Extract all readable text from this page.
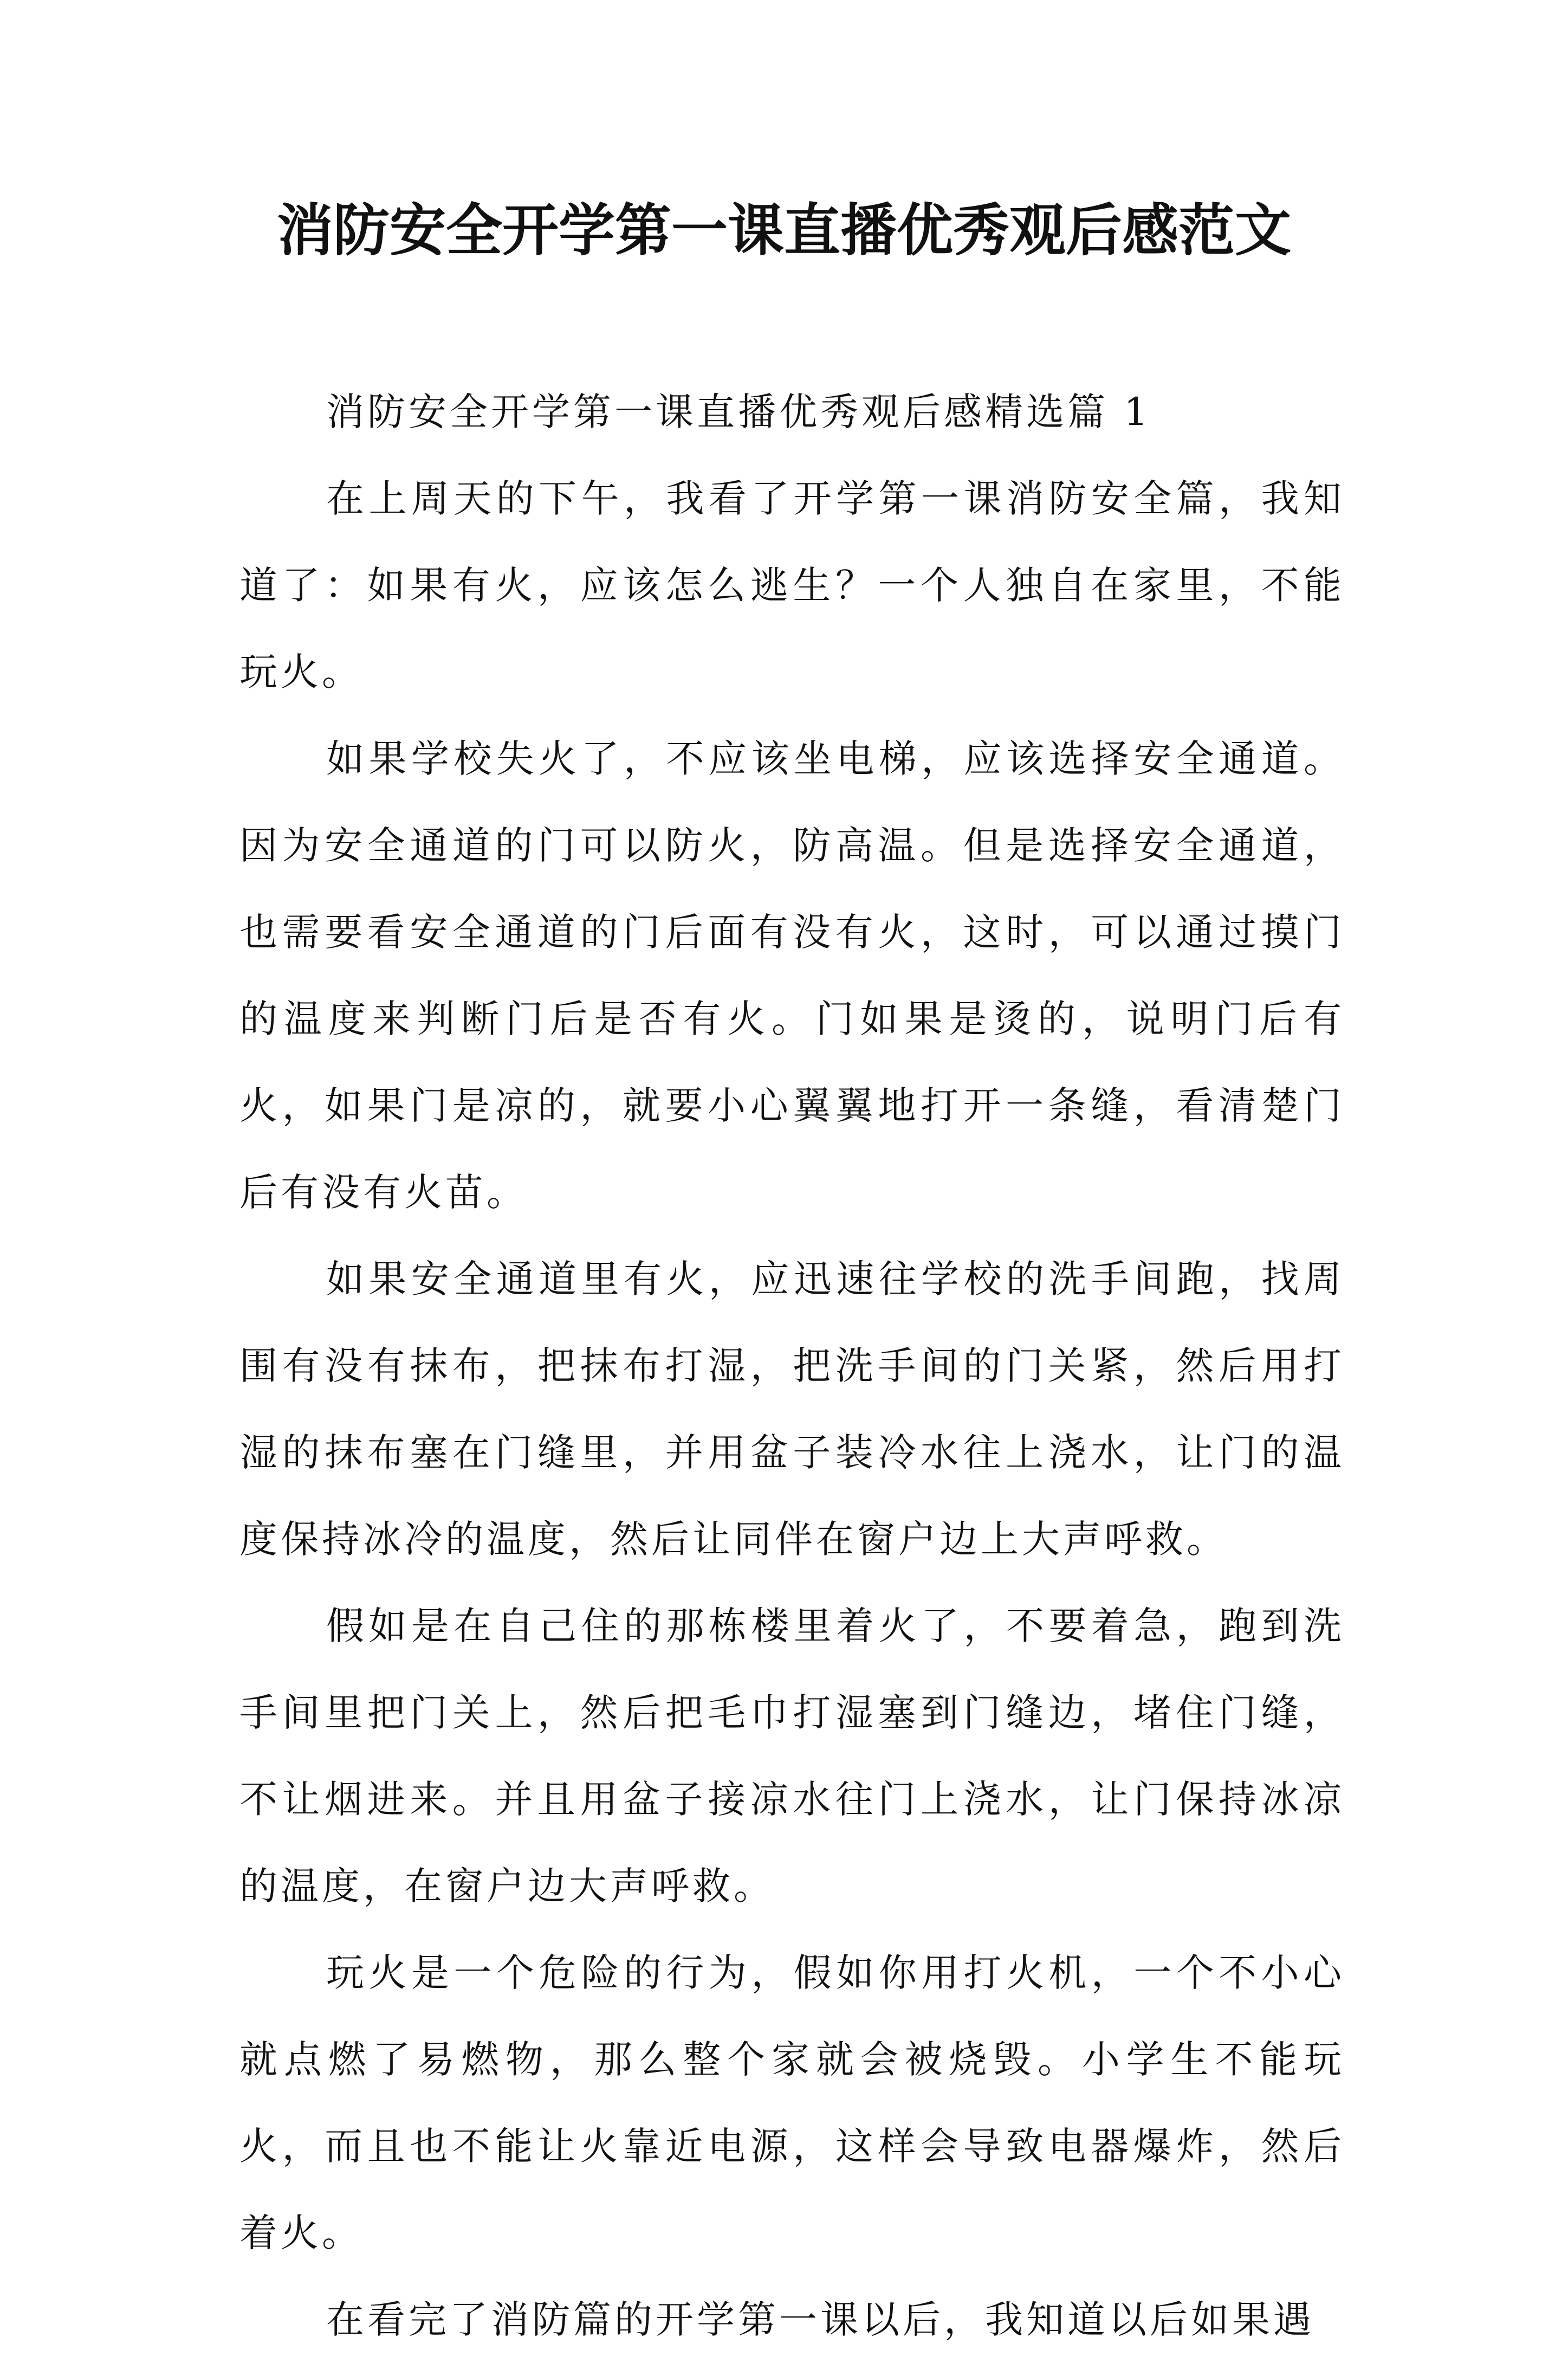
消防安全开学第一课直播优秀观后感范文

消防安全开学第一课直播优秀观后感精选篇 1

在上周天的下午，我看了开学第一课消防安全篇，我知道了：如果有火，应该怎么逃生？一个人独自在家里，不能玩火。

如果学校失火了，不应该坐电梯，应该选择安全通道。因为安全通道的门可以防火，防高温。但是选择安全通道，也需要看安全通道的门后面有没有火，这时，可以通过摸门的温度来判断门后是否有火。门如果是烫的，说明门后有火，如果门是凉的，就要小心翼翼地打开一条缝，看清楚门后有没有火苗。

如果安全通道里有火，应迅速往学校的洗手间跑，找周围有没有抹布，把抹布打湿，把洗手间的门关紧，然后用打湿的抹布塞在门缝里，并用盆子装冷水往上浇水，让门的温度保持冰冷的温度，然后让同伴在窗户边上大声呼救。

假如是在自己住的那栋楼里着火了，不要着急，跑到洗手间里把门关上，然后把毛巾打湿塞到门缝边，堵住门缝，不让烟进来。并且用盆子接凉水往门上浇水，让门保持冰凉的温度，在窗户边大声呼救。

玩火是一个危险的行为，假如你用打火机，一个不小心就点燃了易燃物，那么整个家就会被烧毁。小学生不能玩火，而且也不能让火靠近电源，这样会导致电器爆炸，然后着火。

在看完了消防篇的开学第一课以后，我知道以后如果遇
